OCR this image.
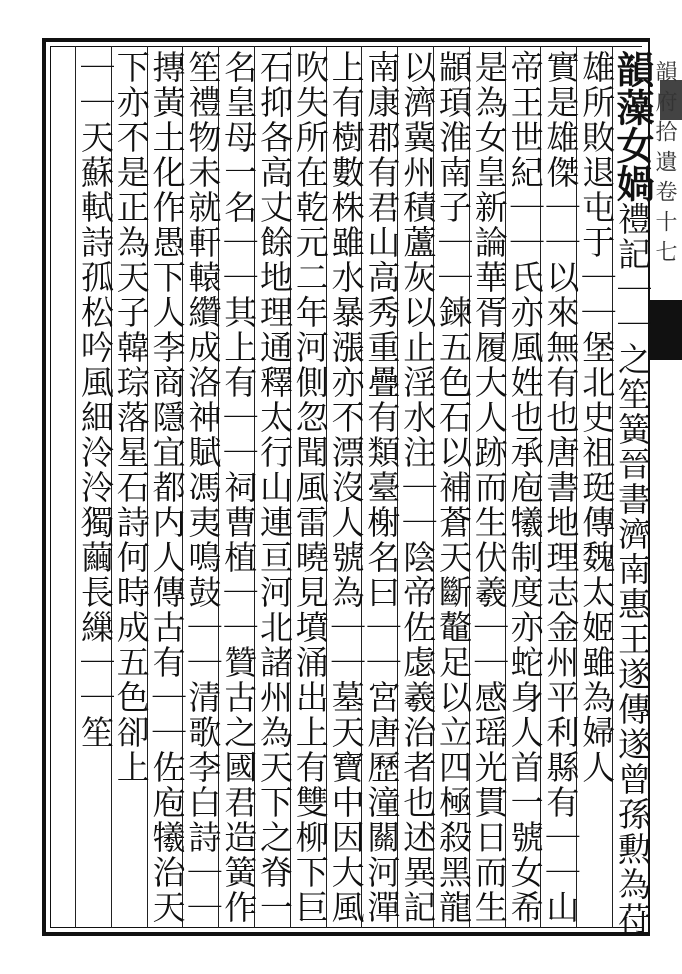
韻府拾遺卷十七
韻藻女媧禮記｜｜之笙簧晉書濟南惠王遂傳遂曾孫勲為苻
雄所敗退屯于｜｜堡北史祖珽傳魏太姬雖為婦人
實是雄傑｜｜以來無有也唐書地理志金州平利縣有｜｜山
帝王世紀｜｜氏亦風姓也承庖犧制度亦蛇身人首一號女希
是為女皇新論華胥履大人跡而生伏羲｜｜感瑶光貫日而生
顓頊淮南子｜｜鍊五色石以補蒼天斷鼇足以立四極殺黑龍
以濟冀州積蘆灰以止淫水注｜｜陰帝佐虙羲治者也述異記
南康郡有君山高秀重疊有類臺榭名曰｜｜宮唐歷潼關河潬
上有樹數株雖水暴漲亦不漂沒人號為｜｜墓天寶中因大風
吹失所在乾元二年河側忽聞風雷曉見墳涌出上有雙柳下巨
石抑各高丈餘地理通釋太行山連亘河北諸州為天下之脊一
名皇母一名｜｜其上有｜｜祠曹植｜｜贊古之國君造簧作
笙禮物未就軒轅纘成洛神賦馮夷鳴鼓｜｜清歌李白詩｜｜
摶黃土化作愚下人李商隱宜都内人傳古有｜｜佐庖犧治天
下亦不是正為天子韓琮落星石詩何時成五色卻上
｜｜天蘇軾詩孤松吟風細泠泠獨繭長繅｜｜笙
